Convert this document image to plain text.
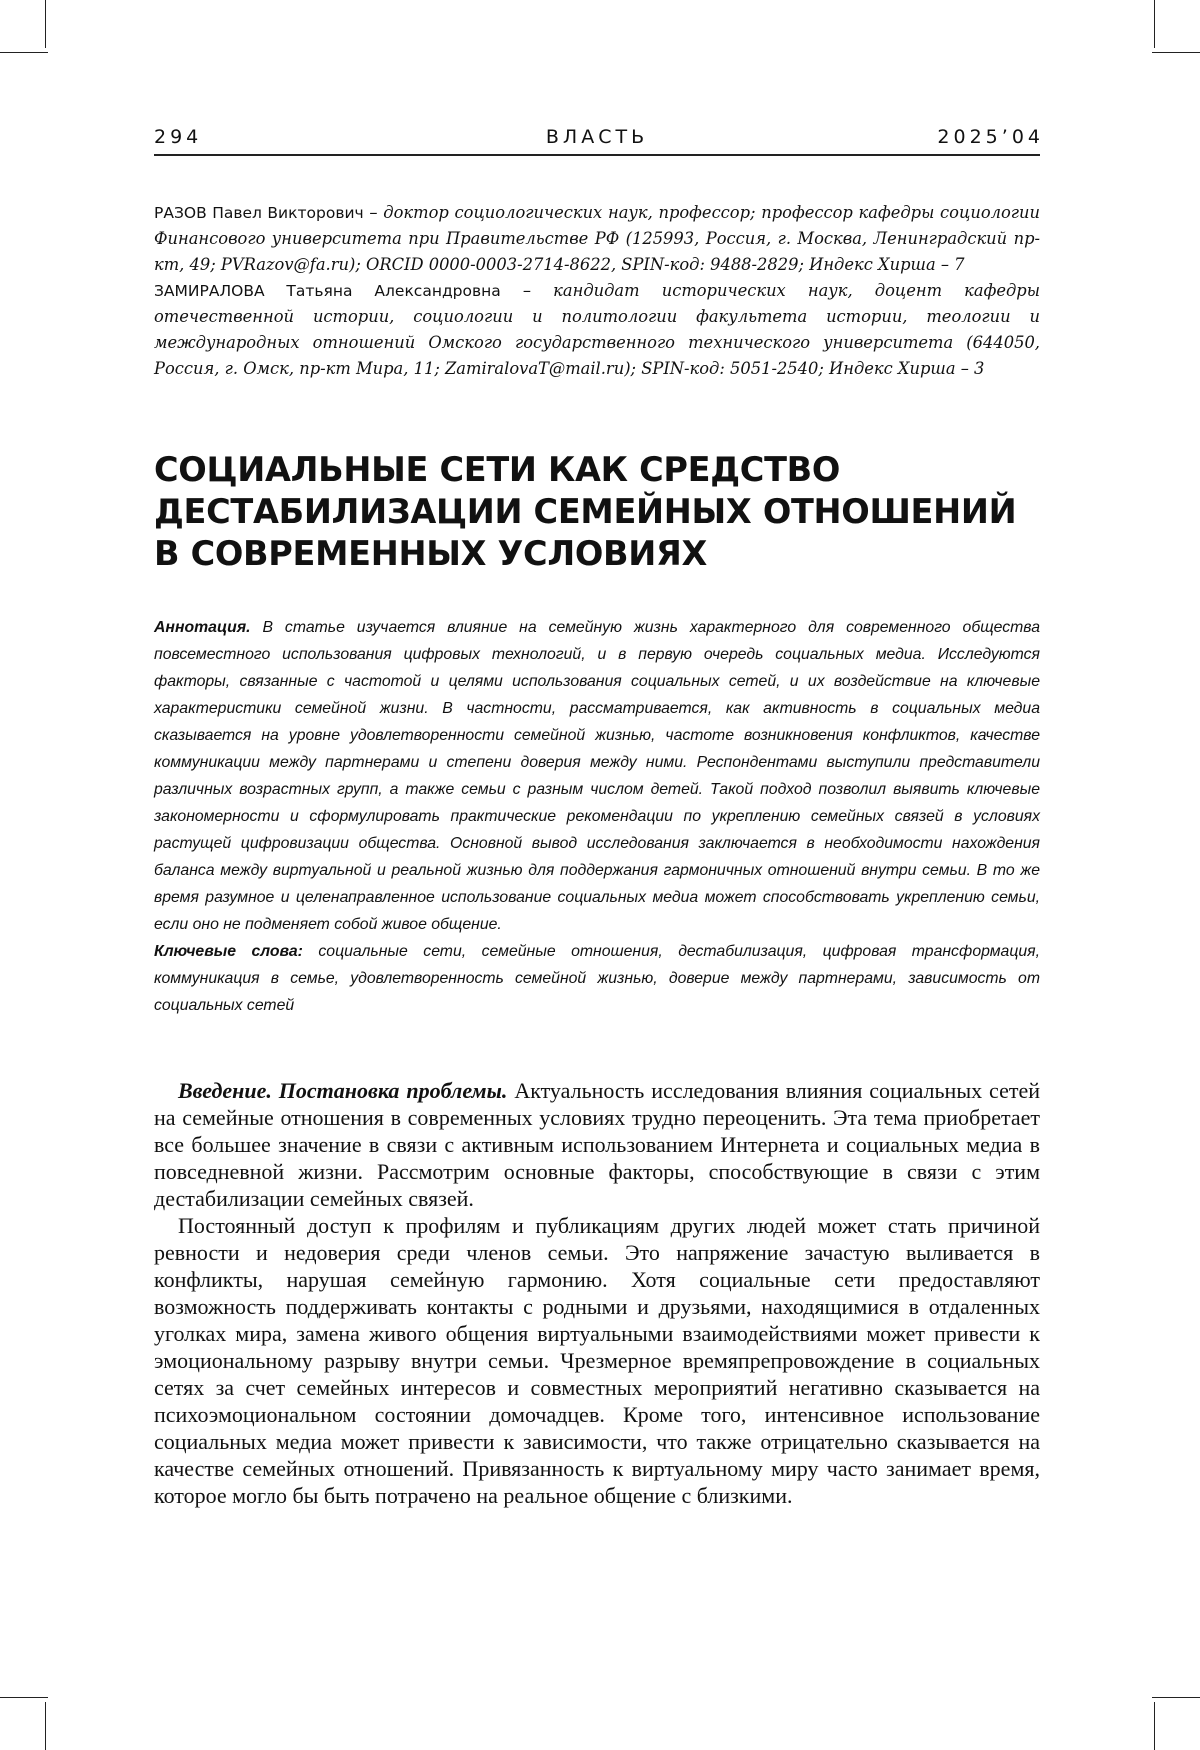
ВЛАСТЬ
294	2025’04

РАЗОВ Павел Викторович – доктор социологических наук, профессор; профессор кафедры социологии Финансового университета при Правительстве РФ (125993, Россия, г. Москва, Ленинградский пр-кт, 49; PVRazov@fa.ru); ORCID 0000-0003-2714-8622, SPIN-код: 9488-2829; Индекс Хирша – 7

ЗАМИРАЛОВА Татьяна Александровна – кандидат исторических наук, доцент кафедры отечественной истории, социологии и политологии факультета истории, теологии и международных отношений Омского государственного технического университета (644050, Россия, г. Омск, пр-кт Мира, 11; ZamiralovaT@mail.ru); SPIN-код: 5051-2540; Индекс Хирша – 3

СОЦИАЛЬНЫЕ СЕТИ КАК СРЕДСТВО
ДЕСТАБИЛИЗАЦИИ СЕМЕЙНЫХ ОТНОШЕНИЙ
В СОВРЕМЕННЫХ УСЛОВИЯХ

Аннотация. В статье изучается влияние на семейную жизнь характерного для современного общества повсеместного использования цифровых технологий, и в первую очередь социальных медиа. Исследуются факторы, связанные с частотой и целями использования социальных сетей, и их воздействие на ключевые характеристики семейной жизни. В частности, рассматривается, как активность в социальных медиа сказывается на уровне удовлетворенности семейной жизнью, частоте возникновения конфликтов, качестве коммуникации между партнерами и степени доверия между ними. Респондентами выступили представители различных возрастных групп, а также семьи с разным числом детей. Такой подход позволил выявить ключевые закономерности и сформулировать практические рекомендации по укреплению семейных связей в условиях растущей цифровизации общества. Основной вывод исследования заключается в необходимости нахождения баланса между виртуальной и реальной жизнью для поддержания гармоничных отношений внутри семьи. В то же время разумное и целенаправленное использование социальных медиа может способствовать укреплению семьи, если оно не подменяет собой живое общение.

Ключевые слова: социальные сети, семейные отношения, дестабилизация, цифровая трансформация, коммуникация в семье, удовлетворенность семейной жизнью, доверие между партнерами, зависимость от социальных сетей

Введение. Постановка проблемы. Актуальность исследования влияния социальных сетей на семейные отношения в современных условиях трудно переоценить. Эта тема приобретает все большее значение в связи с активным использованием Интернета и социальных медиа в повседневной жизни. Рассмотрим основные факторы, способствующие в связи с этим дестабилизации семейных связей.

Постоянный доступ к профилям и публикациям других людей может стать причиной ревности и недоверия среди членов семьи. Это напряжение зачастую выливается в конфликты, нарушая семейную гармонию. Хотя социальные сети предоставляют возможность поддерживать контакты с родными и друзьями, находящимися в отдаленных уголках мира, замена живого общения виртуальными взаимодействиями может привести к эмоциональному разрыву внутри семьи. Чрезмерное времяпрепровождение в социальных сетях за счет семейных интересов и совместных мероприятий негативно сказывается на психоэмоциональном состоянии домочадцев. Кроме того, интенсивное использование социальных медиа может привести к зависимости, что также отрицательно сказывается на качестве семейных отношений. Привязанность к виртуальному миру часто занимает время, которое могло бы быть потрачено на реальное общение с близкими.
